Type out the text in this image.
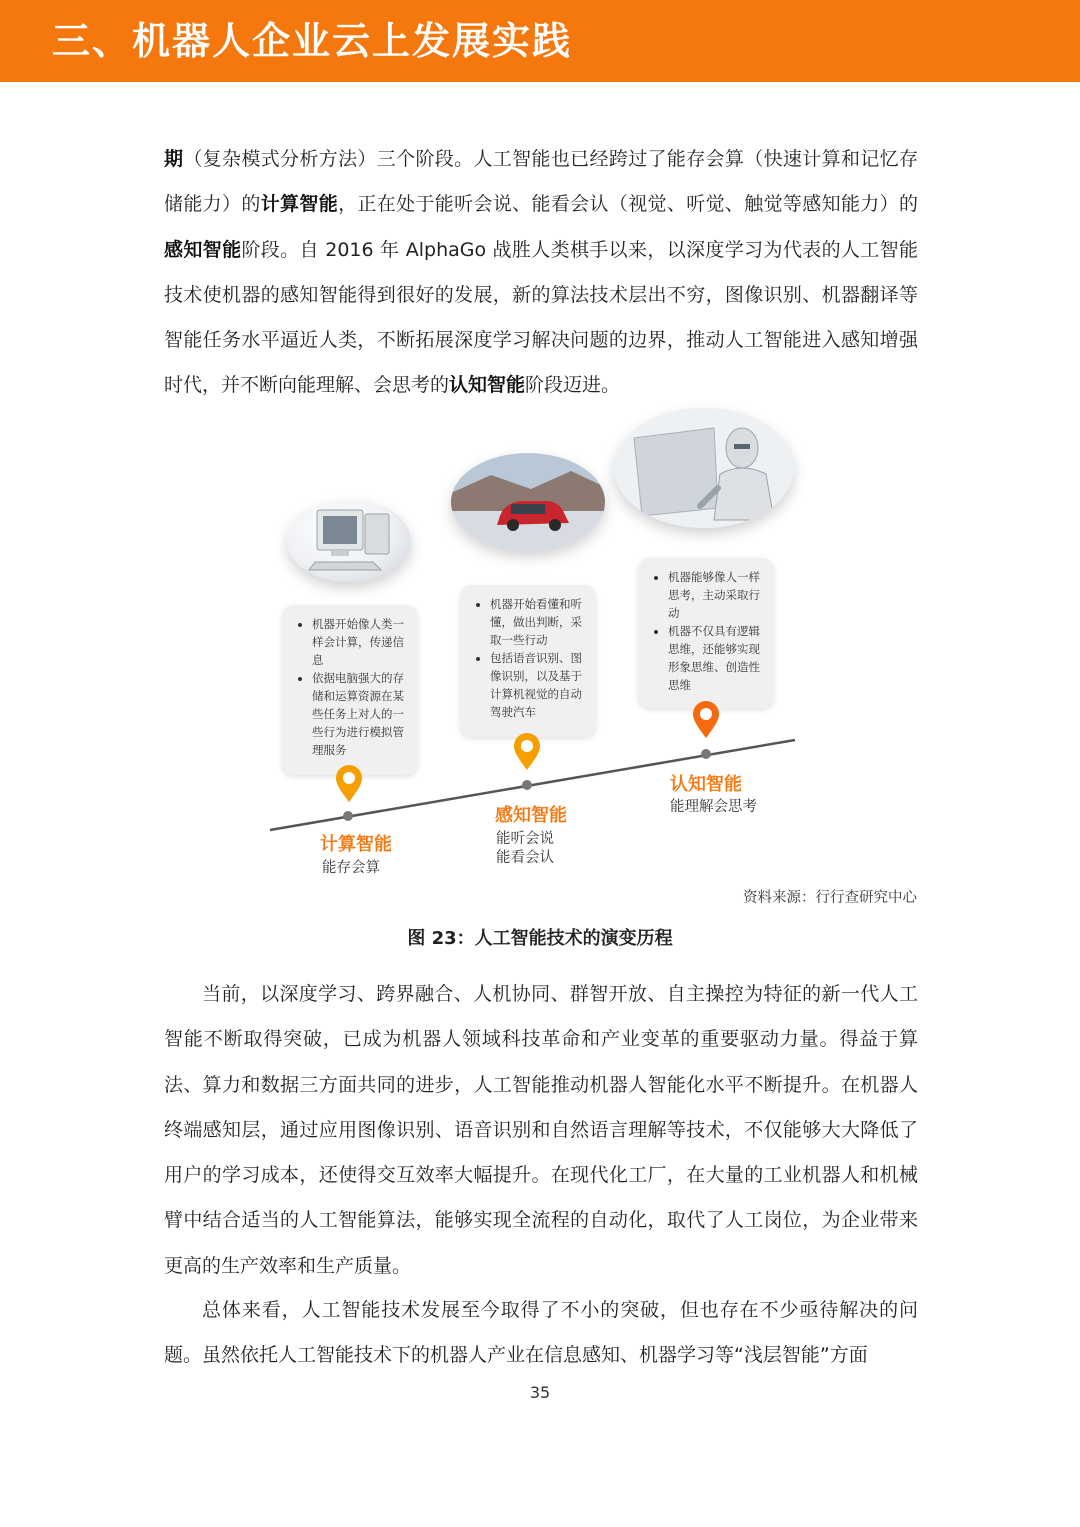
三、机器人企业云上发展实践

期（复杂模式分析方法）三个阶段。人工智能也已经跨过了能存会算（快速计算和记忆存储能力）的计算智能，正在处于能听会说、能看会认（视觉、听觉、触觉等感知能力）的感知智能阶段。自 2016 年 AlphaGo 战胜人类棋手以来，以深度学习为代表的人工智能技术使机器的感知智能得到很好的发展，新的算法技术层出不穷，图像识别、机器翻译等智能任务水平逼近人类，不断拓展深度学习解决问题的边界，推动人工智能进入感知增强时代，并不断向能理解、会思考的认知智能阶段迈进。

• 机器开始像人类一样会计算，传递信息
• 依据电脑强大的存储和运算资源在某些任务上对人的一些行为进行模拟管理服务
• 机器开始看懂和听懂，做出判断，采取一些行动
• 包括语音识别、图像识别，以及基于计算机视觉的自动驾驶汽车
• 机器能够像人一样思考，主动采取行动
• 机器不仅具有逻辑思维，还能够实现形象思维、创造性思维
计算智能
能存会算
感知智能
能听会说
能看会认
认知智能
能理解会思考
资料来源：行行查研究中心

图 23：人工智能技术的演变历程

当前，以深度学习、跨界融合、人机协同、群智开放、自主操控为特征的新一代人工智能不断取得突破，已成为机器人领域科技革命和产业变革的重要驱动力量。得益于算法、算力和数据三方面共同的进步，人工智能推动机器人智能化水平不断提升。在机器人终端感知层，通过应用图像识别、语音识别和自然语言理解等技术，不仅能够大大降低了用户的学习成本，还使得交互效率大幅提升。在现代化工厂，在大量的工业机器人和机械臂中结合适当的人工智能算法，能够实现全流程的自动化，取代了人工岗位，为企业带来更高的生产效率和生产质量。

总体来看，人工智能技术发展至今取得了不小的突破，但也存在不少亟待解决的问题。虽然依托人工智能技术下的机器人产业在信息感知、机器学习等“浅层智能”方面

35
